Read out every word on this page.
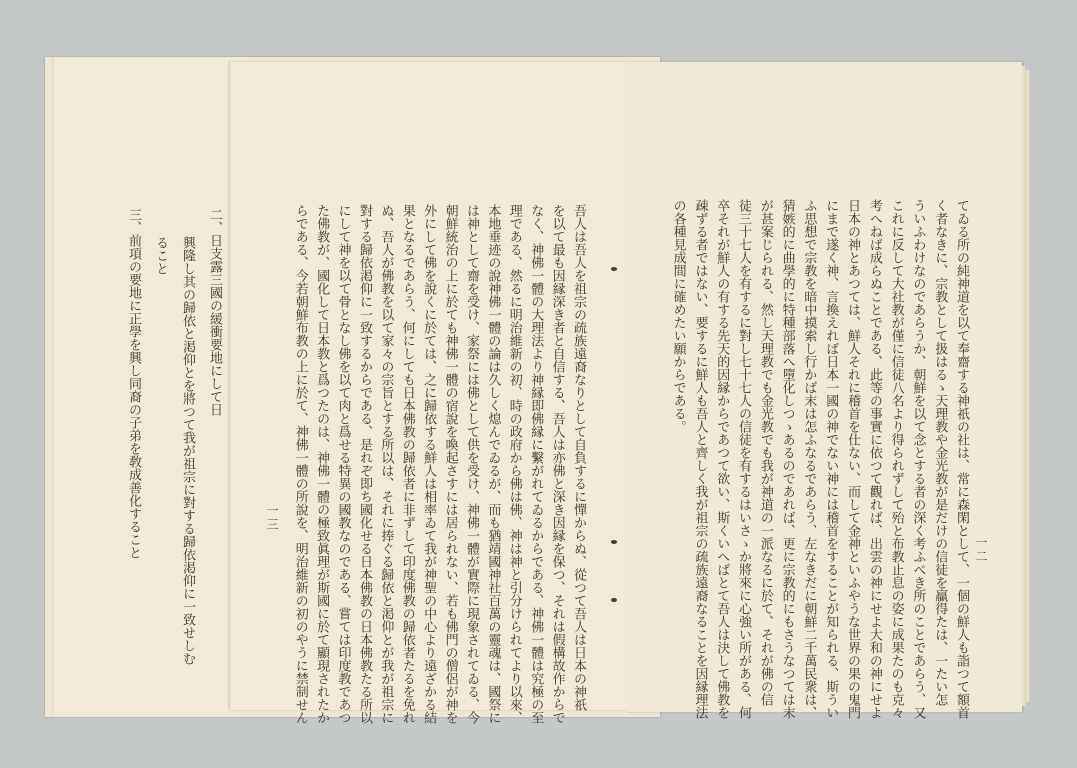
二、日支露三國の緩衝要地にして日

　興隆し其の歸依と渇仰とを將つて我が祖宗に對する歸依渇仰に一致せしむ

　ること

三、前項の要地に正學を興し同裔の子弟を敎成善化すること	吾人は吾人を祖宗の疏族遠裔なりとして自負するに憚からぬ、從つて吾人は日本の神祇

を以て最も因縁深き者と自信する、吾人は亦佛と深き因縁を保つ、それは假構故作からで

なく、神佛一體の大理法より神縁即佛縁に繫がれてゐるからである、神佛一體は究極の至

理である、然るに明治維新の初、時の政府から佛は佛、神は神と引分けられてより以來、

本地垂迹の說神佛一體の論は久しく熄んでゐるが、而も猶靖國神社百萬の靈魂は、國祭に

は神として齋を受け、家祭には佛として供を受け、神佛一體が實際に現象されてゐる、今

朝鮮統治の上に於ても神佛一體の宿說を喚起さすには居られない、若も佛門の僧侶が神を

外にして佛を說くに於ては、之に歸依する鮮人は相率ゐて我が神聖の中心より遠ざかる結

果となるであらう、何にしても日本佛教の歸依者に非ずして印度佛教の歸依者たるを免れ

ぬ、吾人が佛教を以て家々の宗旨とする所以は、それに捧ぐる歸依と渇仰とが我が祖宗に

對する歸依渇仰に一致するからである、是れぞ即ち國化せる日本佛教の日本佛教たる所以

にして神を以て骨となし佛を以て肉と爲せる特異の國教なのである、嘗ては印度教であつ

た佛教が、國化して日本教と爲つたのは、神佛一體の極致眞理が斯國に於て顯現されたか

らである、今若朝鮮布教の上に於て、神佛一體の所說を、明治維新の初のやうに禁制せん

一三	てゐる所の純神道を以て奉齋する神祇の社は、常に森閑として、一個の鮮人も詣つて額首

く者なきに、宗教として扱はるゝ天理教や金光教が是だけの信徒を贏得たは、一たい怎

ういふわけなのであらうか、朝鮮を以て念とする者の深く考ふべき所のことであらう、又

これに反して大社教が僅に信徒八名より得られずして殆と布教止息の姿に成果たのも克々

考へねば成らぬことである、此等の事實に依つて觀れば、出雲の神にせよ大和の神にせよ

日本の神とあつては、鮮人それに稽首を仕ない、而して金神といふやうな世界の果の鬼門

にまで遂く神、言換えれば日本一國の神でない神には稽首をすることが知られる、斯うい

ふ思想で宗教を暗中摸索し行かば末は怎ふなるであらう、左なきだに朝鮮二千萬民衆は、

猜嫉的に曲學的に特種部落へ墮化しつゝあるのであれば、更に宗教的にもさうなつては末

が甚案じられる、然し天理教でも金光教でも我が神道の一派なるに於て、それが佛の信

徒三十七人を有するに對し七十七人の信徒を有するはいさゝか將來に心強い所がある、何

卒それが鮮人の有する先天的因縁からであつて欲い、斯くいへばとて吾人は決して佛教を

疎ずる者ではない、要するに鮮人も吾人と齊しく我が祖宗の疏族遠裔なることを因縁理法

の各種見成間に確めたい願からである。

一二
